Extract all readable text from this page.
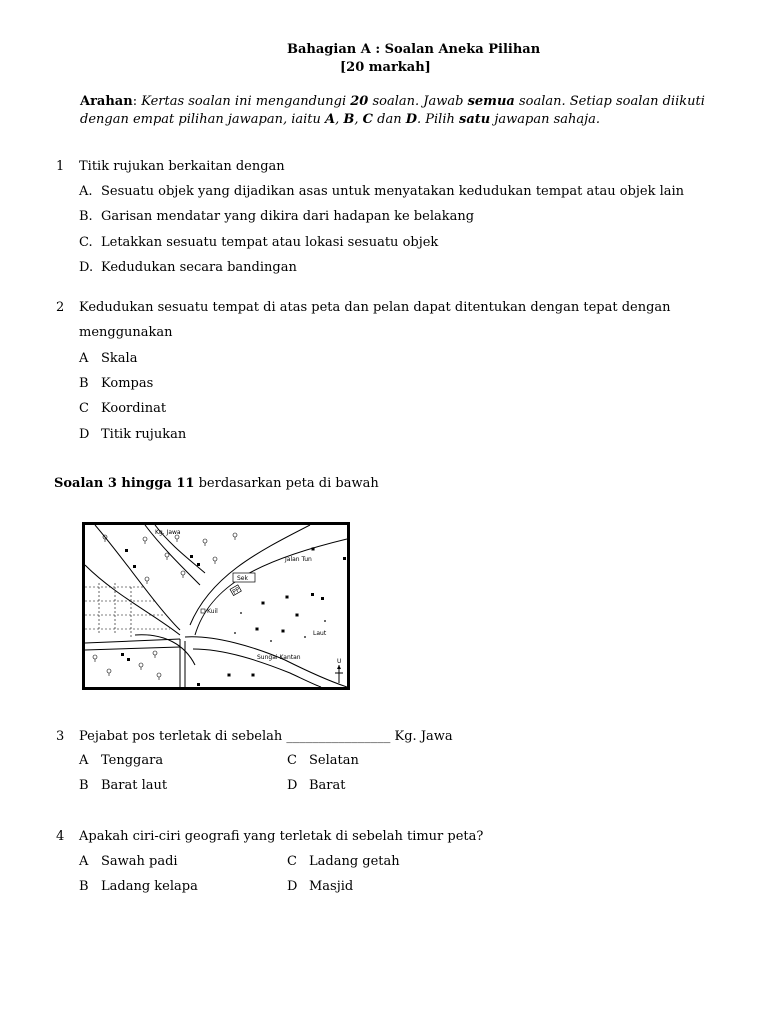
Bahagian A : Soalan Aneka Pilihan
[20 markah]
Arahan: Kertas soalan ini mengandungi 20 soalan. Jawab semua soalan. Setiap soalan diikuti
dengan empat pilihan jawapan, iaitu A, B, C dan D. Pilih satu jawapan sahaja.
1 Titik rujukan berkaitan dengan
A. Sesuatu objek yang dijadikan asas untuk menyatakan kedudukan tempat atau objek lain
B. Garisan mendatar yang dikira dari hadapan ke belakang
C. Letakkan sesuatu tempat atau lokasi sesuatu objek
D. Kedudukan secara bandingan
2 Kedudukan sesuatu tempat di atas peta dan pelan dapat ditentukan dengan tepat dengan
menggunakan
A Skala
B Kompas
C Koordinat
D Titik rujukan
Soalan 3 hingga 11 berdasarkan peta di bawah
Sek
PP
Kuil
Kg. Jawa
Jalan Tun
Laut
Sungai Kantan
U
3 Pejabat pos terletak di sebelah ________________ Kg. Jawa
A Tenggara
B Barat laut
C Selatan
D Barat
4 Apakah ciri-ciri geografi yang terletak di sebelah timur peta?
A Sawah padi
B Ladang kelapa
C Ladang getah
D Masjid
